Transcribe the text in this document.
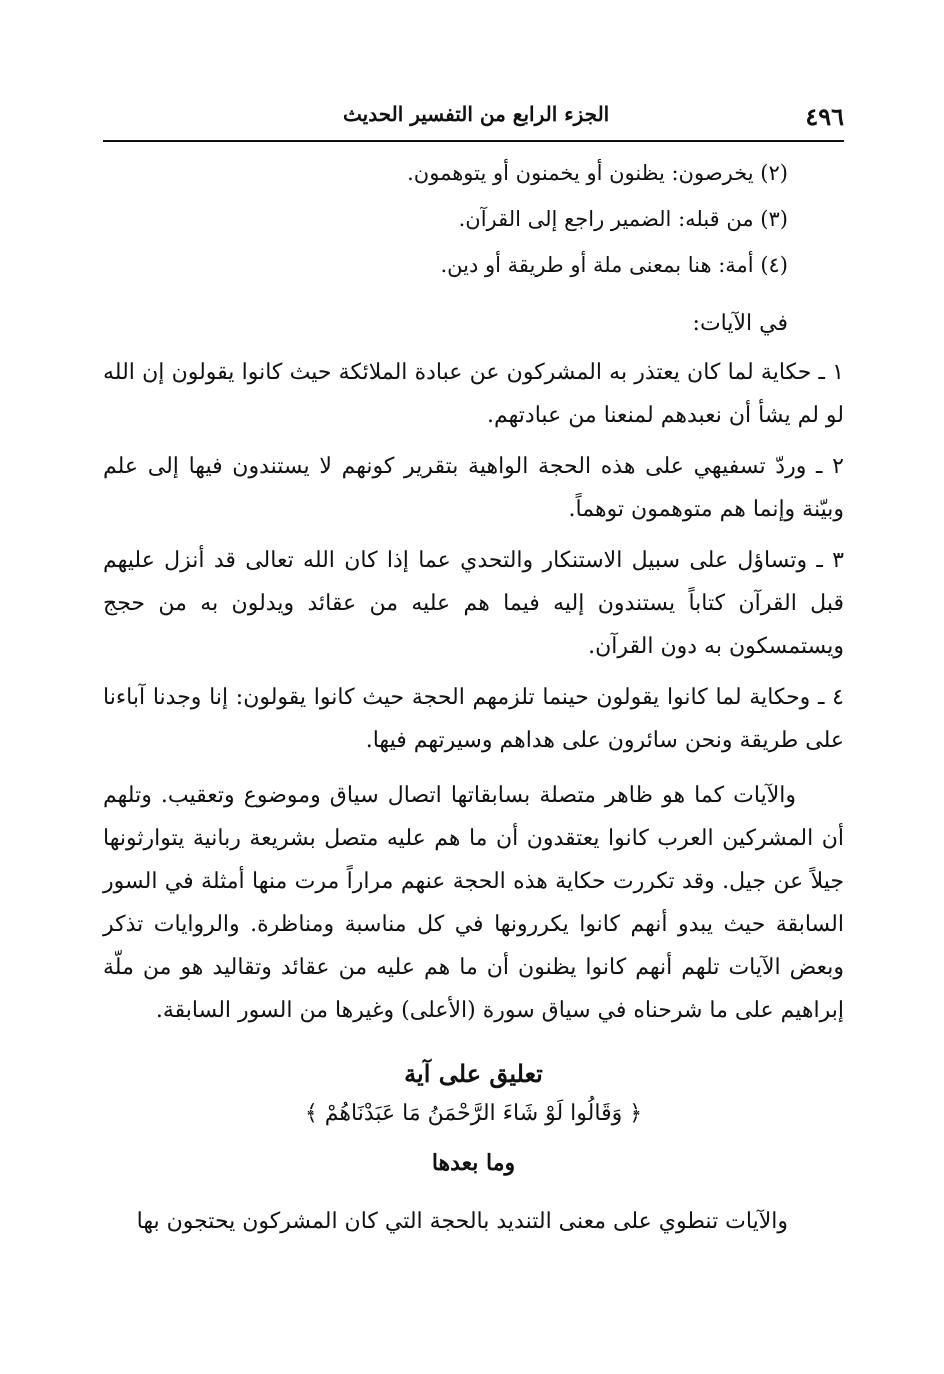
٤٩٦
الجزء الرابع من التفسير الحديث

(٢) يخرصون: يظنون أو يخمنون أو يتوهمون.

(٣) من قبله: الضمير راجع إلى القرآن.

(٤) أمة: هنا بمعنى ملة أو طريقة أو دين.

في الآيات:

١ ـ حكاية لما كان يعتذر به المشركون عن عبادة الملائكة حيث كانوا يقولون إن الله لو لم يشأ أن نعبدهم لمنعنا من عبادتهم.

٢ ـ وردّ تسفيهي على هذه الحجة الواهية بتقرير كونهم لا يستندون فيها إلى علم وبيّنة وإنما هم متوهمون توهماً.

٣ ـ وتساؤل على سبيل الاستنكار والتحدي عما إذا كان الله تعالى قد أنزل عليهم قبل القرآن كتاباً يستندون إليه فيما هم عليه من عقائد ويدلون به من حجج ويستمسكون به دون القرآن.

٤ ـ وحكاية لما كانوا يقولون حينما تلزمهم الحجة حيث كانوا يقولون: إنا وجدنا آباءنا على طريقة ونحن سائرون على هداهم وسيرتهم فيها.

والآيات كما هو ظاهر متصلة بسابقاتها اتصال سياق وموضوع وتعقيب. وتلهم أن المشركين العرب كانوا يعتقدون أن ما هم عليه متصل بشريعة ربانية يتوارثونها جيلاً عن جيل. وقد تكررت حكاية هذه الحجة عنهم مراراً مرت منها أمثلة في السور السابقة حيث يبدو أنهم كانوا يكررونها في كل مناسبة ومناظرة. والروايات تذكر وبعض الآيات تلهم أنهم كانوا يظنون أن ما هم عليه من عقائد وتقاليد هو من ملّة إبراهيم على ما شرحناه في سياق سورة (الأعلى) وغيرها من السور السابقة.

تعليق على آية

﴿ وَقَالُوا لَوْ شَاءَ الرَّحْمَنُ مَا عَبَدْنَاهُمْ ﴾

وما بعدها

والآيات تنطوي على معنى التنديد بالحجة التي كان المشركون يحتجون بها
